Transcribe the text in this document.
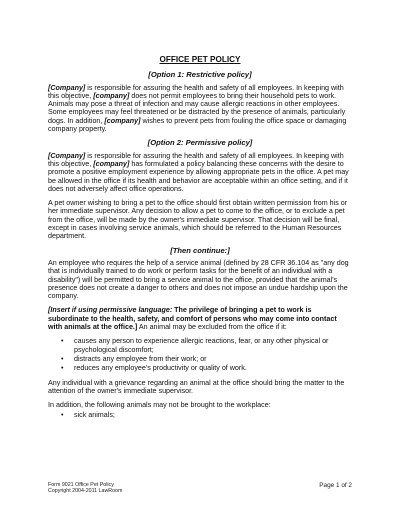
OFFICE PET POLICY
[Option 1: Restrictive policy]

[Company] is responsible for assuring the health and safety of all employees. In keeping with this objective, [company] does not permit employees to bring their household pets to work. Animals may pose a threat of infection and may cause allergic reactions in other employees. Some employees may feel threatened or be distracted by the presence of animals, particularly dogs. In addition, [company] wishes to prevent pets from fouling the office space or damaging company property.

[Option 2: Permissive policy]

[Company] is responsible for assuring the health and safety of all employees. In keeping with this objective, [company] has formulated a policy balancing these concerns with the desire to promote a positive employment experience by allowing appropriate pets in the office. A pet may be allowed in the office if its health and behavior are acceptable within an office setting, and if it does not adversely affect office operations.

A pet owner wishing to bring a pet to the office should first obtain written permission from his or her immediate supervisor. Any decision to allow a pet to come to the office, or to exclude a pet from the office, will be made by the owner's immediate supervisor. That decision will be final, except in cases involving service animals, which should be referred to the Human Resources department.

[Then continue:]

An employee who requires the help of a service animal (defined by 28 CFR 36.104 as "any dog that is individually trained to do work or perform tasks for the benefit of an individual with a disability") will be permitted to bring a service animal to the office, provided that the animal's presence does not create a danger to others and does not impose an undue hardship upon the company.

[Insert if using permissive language: The privilege of bringing a pet to work is subordinate to the health, safety, and comfort of persons who may come into contact with animals at the office.] An animal may be excluded from the office if it:

• causes any person to experience allergic reactions, fear, or any other physical or psychological discomfort;
• distracts any employee from their work; or
• reduces any employee's productivity or quality of work.

Any individual with a grievance regarding an animal at the office should bring the matter to the attention of the owner's immediate supervisor.

In addition, the following animals may not be brought to the workplace:

• sick animals;
Form 9021 Office Pet Policy
Copyright 2004-2011 LawRoom
Page 1 of 2
